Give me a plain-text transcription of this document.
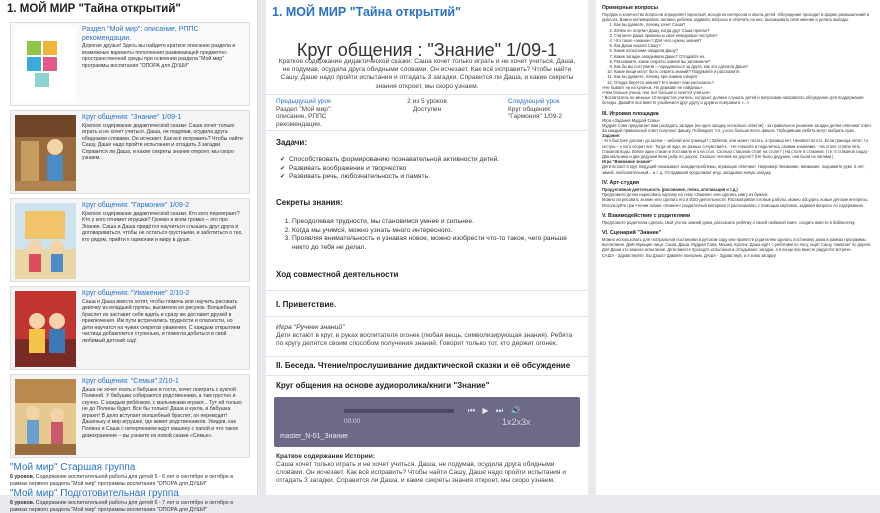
1. МОЙ МИР "Тайна открытий"
Раздел "Мой мир": описание, РППС рекомендации.
Дорогие друзья! Здесь вы найдете краткое описание раздела и возможные варианты пополнения развивающей предметно-пространственной среды при освоении раздела "Мой мир" программы воспитания "ОПОРА для ДУШИ"
Круг общения: "Знание" 1/09-1
Краткое содержание дидактической сказки: Саша хочет только играть и не хочет учиться. Даша, не подумав, осудила друга обидными словами. Он исчезает. Как всё исправить? Чтобы найти Сашу, Даше надо пройти испытания и отгадать 3 загадки. Справится ли Даша, и какие секреты знания откроет, мы скоро узнаем.
Круг общения: "Гармония" 1/09-2
Краткое содержание дидактической сказки: Кто кого переиграет? Кто у кого отнимет игрушки? Громко и всем громко – это про Знание. Саша и Даша придётся научиться слышать друг друга и договариваться, чтобы не остаться грустными, и заботиться о тех, кто рядом, прийти к гармонии и миру в душе.
Круг общения: "Уважение" 2/10-2
Саша и Даша вместе хотят, чтобы помочь или научить рисовать девочку из младшей группы, высмеяли ее рисунок. Волшебный браслет их заставит себя ждать и сразу же доставит друзей в приключения. Им пути встречались трудности и опасности, но дети научатся на чужих секретах уважения. С каждым открытием частица добавляется ступенька, и помогла добиться в свой любимый детский сад!
Круг общения: "Семья" 2/10-1
Даша не хочет ехать к бабушке в гости, хочет поиграть с куклой Полиной. У бабушки собираются родственники, а там грустно и скучно. С каждым ребёнком, с мальчиками играют... Тут ей только не до Полины будет. Все бы только! Даша и кукла, и бабушка играют! В дело вступает волшебный браслет, он переводит! Дашеньку в мир игрушек, где живет родственников. Увидев, как Полина и Саша с нетерпением ждут машину с папой и что такое домохранение – вы узнаете из новой сказки «Семья».
"Мой мир" Старшая группа
6 уроков. Содержание воспитательной работы для детей 5 - 6 лет в сентябре и октябре в рамках первого раздела "Мой мир" программы воспитания "ОПОРА для ДУШИ"
"Мой мир" Подготовительная группа
6 уроков. Содержание воспитательной работы для детей 6 - 7 лет в сентябре и октябре в рамках первого раздела "Мой мир" программы воспитания "ОПОРА для ДУШИ"
1. МОЙ МИР "Тайна открытий"
Круг общения : "Знание" 1/09-1
Краткое содержание дидактической сказки: Саша хочет только играть и не хочет учиться. Даша, не подумав, осудила друга обидными словами. Он исчезает. Как всё исправить? Чтобы найти Сашу, Даше надо пройти испытания и отгадать 3 загадки. Справится ли Даша, и какие секреты знания откроет, мы скоро узнаем.
Предыдущий урок
Раздел "Мой мир": описание, РППС рекомендации.
2 из 5 уроков
Доступен
Следующий урок
Круг общения: "Гармония" 1/09-2
Задачи:
✔ Способствовать формированию познавательной активности детей.
✔ Развивать воображение и творчество
✔ Развивать речь, любознательность и память.
Секреты знания:
1. Преодолевая трудности, мы становимся умнее и сильнее.
2. Когда мы учимся, можно узнать много интересного.
3. Проявляя внимательность и узнавая новое, можно изобрести что-то такое, чего раньше никто до тебя не делал.
Ход совместной деятельности
I. Приветствие.
Игра "Ручеек знаний"
Дети встают в круг, в руках воспитателя огонек (любая вещь, символизирующая знания). Ребята по кругу делятся своим способом получения знаний. Говорит только тот, кто держит огонек.
II. Беседа. Чтение/прослушивание дидактической сказки и её обсуждение
Круг общения на основе аудиоролика/книги "Знание"
⏮ ▶ ⏭ 🔊
00:00	1x2x3x
master_N-01_Знание
Краткое содержание Истории:
Саша хочет только играть и не хочет учиться. Даша, не подумав, осудила друга обидными словами. Он исчезает. Как всё исправить? Чтобы найти Сашу, Даше надо пройти испытания и отгадать 3 загадки. Справится ли Даша, и какие секреты знания откроет, мы скоро узнаем.
Примерные вопросы
Порядок и количество вопросов определяет взрослый, исходя из интересов и опыта детей. Обсуждение проходит в форме размышлений и диалога. Важно мотивировать активно ребенка задавать вопросы и отвечать на них, высказывать свое мнение и делать выводы.
1. Как вы думаете, почему хочет Саша?
2. Зачем он огорчил Дашу, когда друг Саша пропал?
3. Считаете Даша правильно своё неведомые поступки?
4. Что такое «знание»? Для чего нужны знания?
5. Как Даша искала Сашу?
6. Какие испытания ожидали Дашу?
7. Какие загадки загадывали Даше? Отгадайте их.
8. Расскажите, какие секреты знания вы запомнили?
9. Как бы вы поступили – порадоваться за друга, как это сделала Даша?
10. Какие вещи могут быть секрета знаний? Подумайте и расскажите.
11. Как вы думаете, почему при знании говорят:
12. Откуда берётся знание? Кто может нам рассказать?
«Не бывает ни на кулачок, Но державе не найдёшь»,
«Чем больше учишь тем, вот больше и хочется учиться»
* Воспитатель не меньше 10 возрастов учитель, который: должен слушать детей и вопросами направлять обсуждение для поддержания беседы. Давайте все вместе улыбнемся друг другу и дружно поиграем в «...»
III. Игровая площадка
Игра «Задания Мудрой Совы»
Мудрая Сова предлагает вам разгадать загадки (на одно загадку несколько ответов) - за правильное решение загадки детям отвечают ответ. За каждый правильный ответ получает фишку. Побеждает тот, у кого больше всего фишек. Победившие ребята могут выбрать приз.
Задание:
- Кто быстрее догонит до шатки – забегай или граница? | Забегая, или может летать, а граница нет. Неизвестно кто. Если граница летит, то сестры – у кого спорит все. Тогда не жди, он разных сочувствия к. - Не спешите и поделитесь своими знаниями. - На столе стояли пять стаканов воды. Взяли один стакан и поставили его на стол. Сколько стаканов стоит на столе? | На столе 5 стаканов. (т.е. 5 стаканов сюда) - Два мальчика и два дедушки вели рыбу по дороге. Сколько человек на дороге? (Не было дедушек, они были их папами.)
Игра "Внимание знание"
Дети встают в круг. Ведущий показывает загадки-проблемы, играющие отвечают. Например: Внимание, внимание, поднимите руки. 5 лет, зимой, любознательный... и т. д. Отгадавший продолжает игру, загадывая новую загадку.
IV. Арт-студия
Продуктивная деятельность (рисование, лепка, аппликация и т.д.)
Предложите детям нарисовать картину на тему «Знание» или сделать книгу из бумаги.
Можно ли рисовать знание или сделать его в ИЗО-деятельности. Рассматривая готовые работы, можно обсудить новые детские интересы.
Используйте при чтении сказки «Знание» раздаточный материал и рассказывать с помощью картинок, задавая вопросы по содержанию.
V. Взаимодействие с родителями
Предложите родителям сделать свой уголок знаний дома, рассказать ребёнку о своей любимой книге, сходить вместе в библиотеку.
VI. Сценарий "Знание"
Можно использовать для театральной постановки в детском саду или провести родителям сделать постановку дома в рамках программы воспитания. Действующие лица: Саша, Даша, Мудрая Сова, Мишка, Кролик. Даша идёт с ребятами по лесу, ищет Сашу, помогает по дороге. Для Даши это важное испытание. Дети вместе проходят испытания и отгадывают загадки, а в конце все вместе радуются встрече.
САША - Здравствуйте. Вы Даша? Давайте поиграем. ДАША - Здравствуй, а я знаю загадку!
